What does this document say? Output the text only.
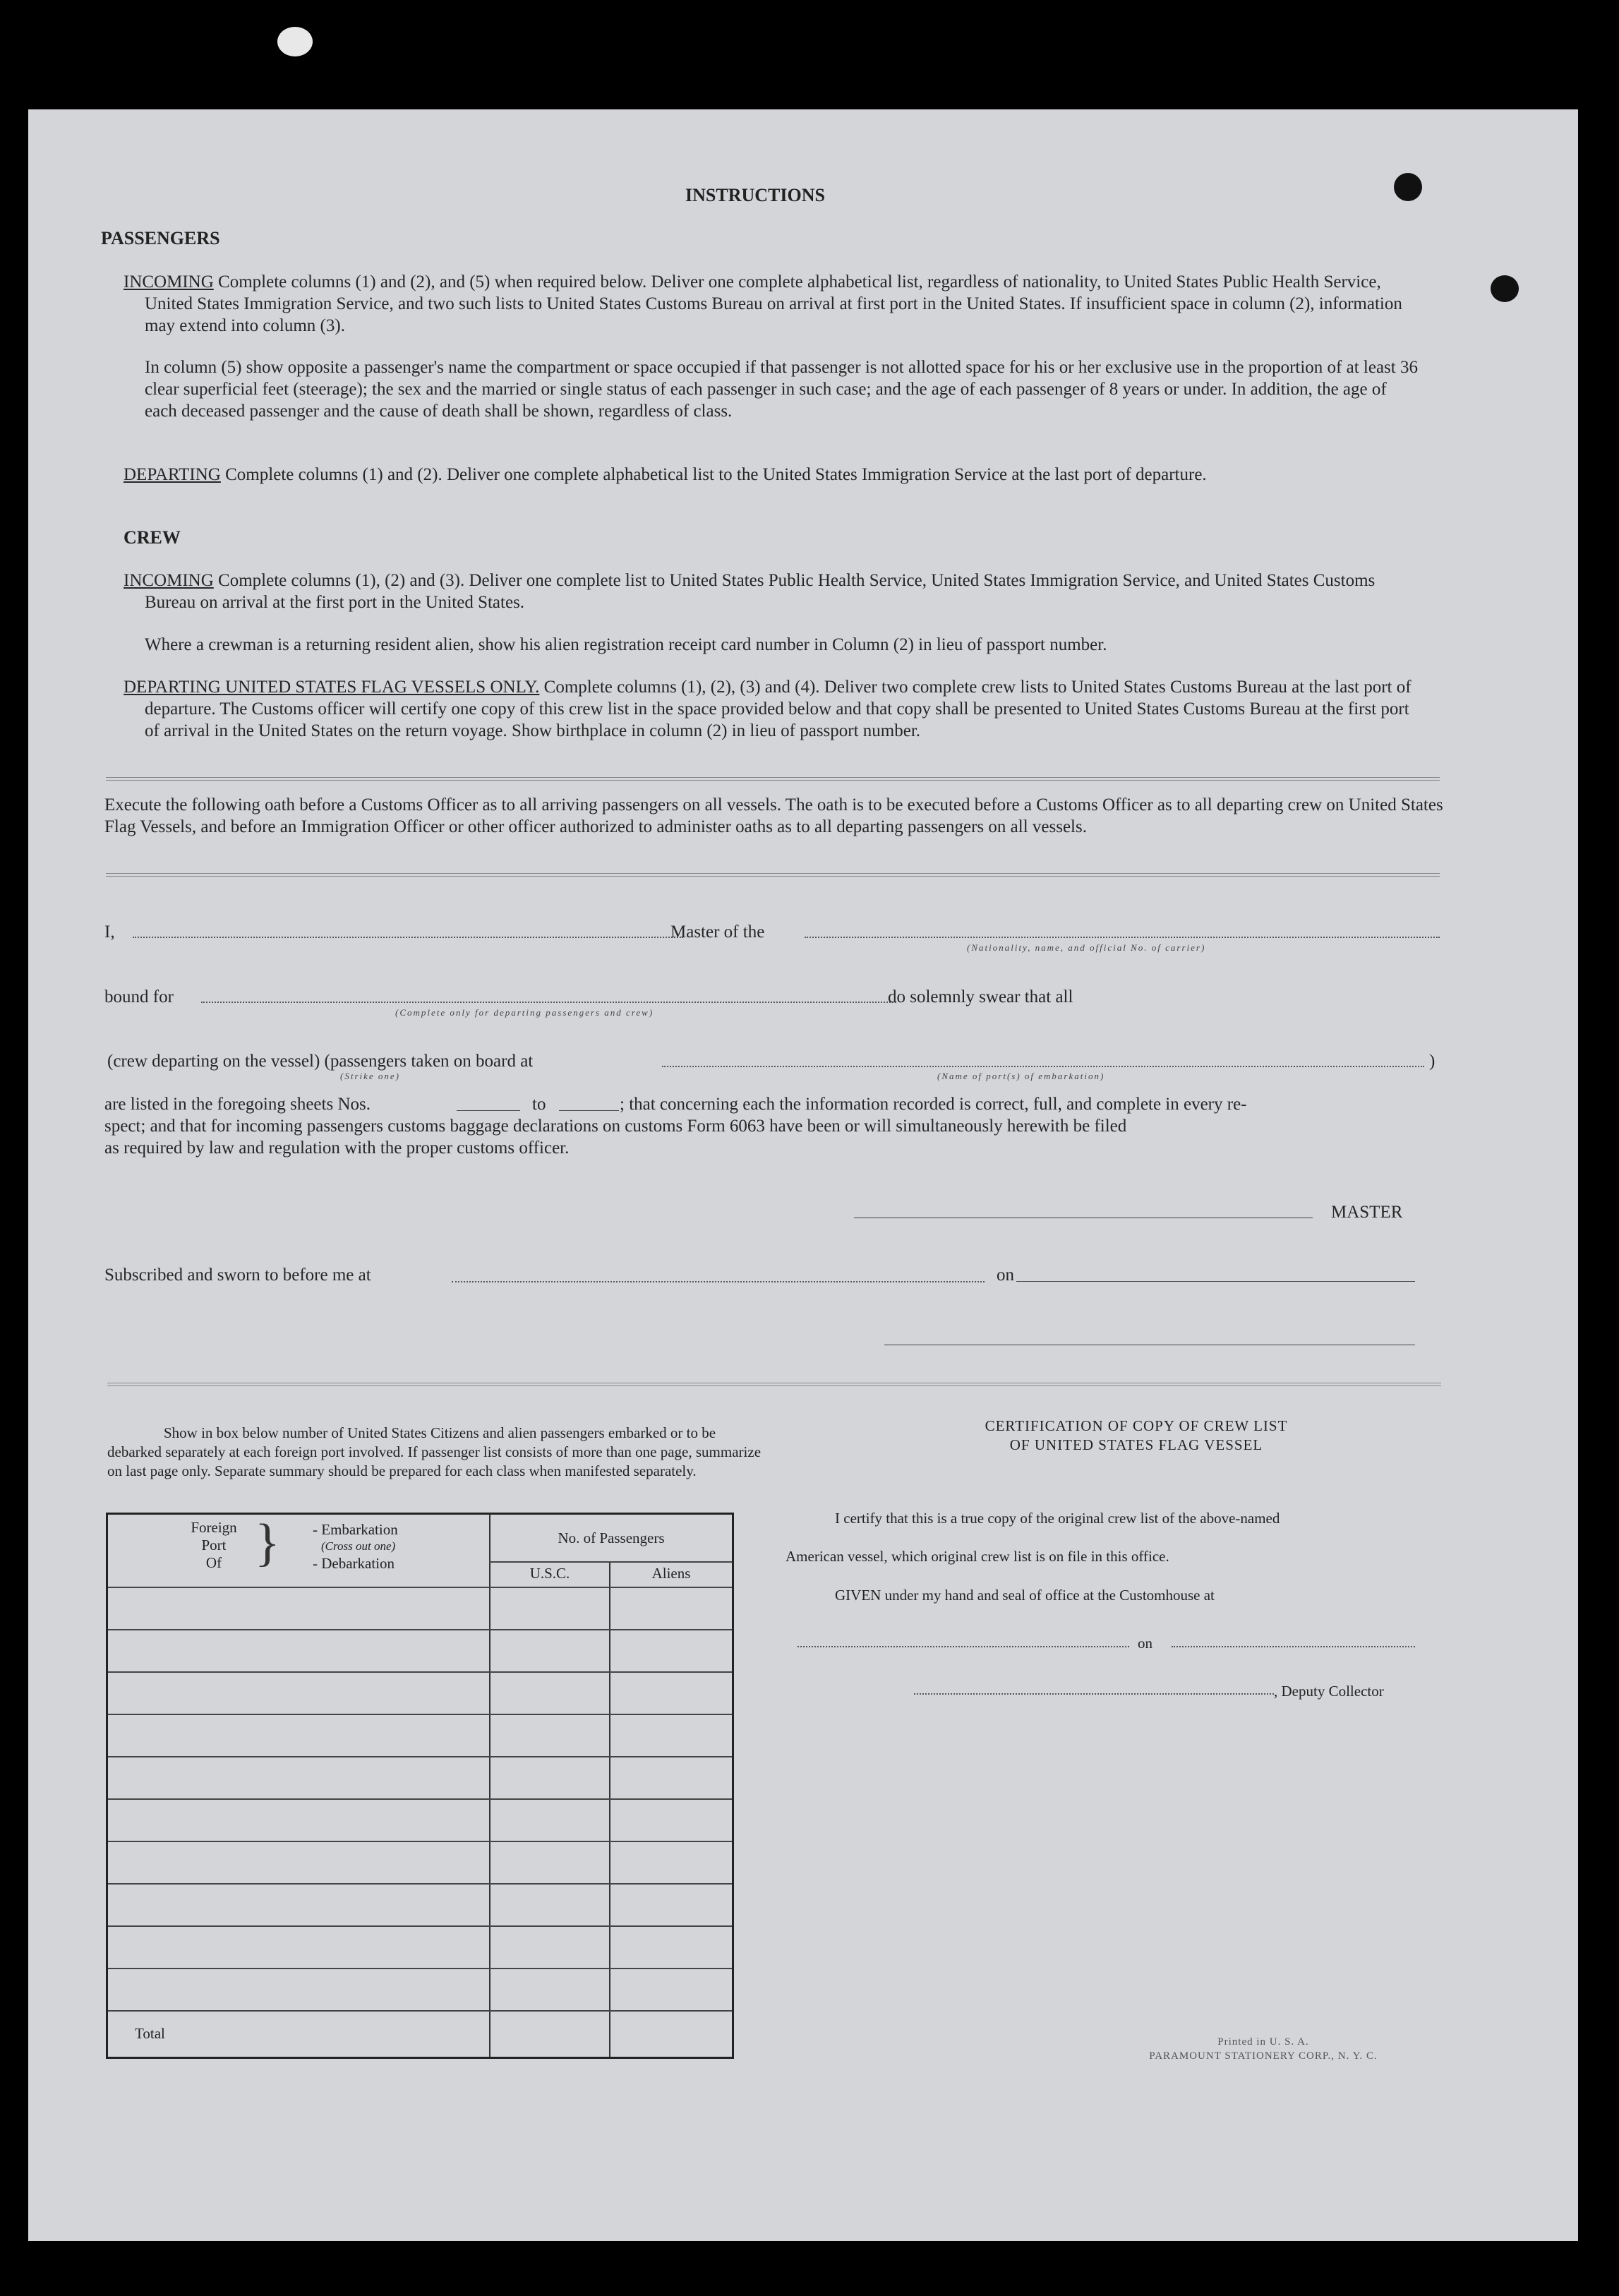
INSTRUCTIONS
PASSENGERS

INCOMING Complete columns (1) and (2), and (5) when required below. Deliver one complete alphabetical list, regardless of nationality, to United States Public Health Service, United States Immigration Service, and two such lists to United States Customs Bureau on arrival at first port in the United States. If insufficient space in column (2), information may extend into column (3).

In column (5) show opposite a passenger's name the compartment or space occupied if that passenger is not allotted space for his or her exclusive use in the proportion of at least 36 clear superficial feet (steerage); the sex and the married or single status of each passenger in such case; and the age of each passenger of 8 years or under. In addition, the age of each deceased passenger and the cause of death shall be shown, regardless of class.

DEPARTING Complete columns (1) and (2). Deliver one complete alphabetical list to the United States Immigration Service at the last port of departure.

CREW

INCOMING Complete columns (1), (2) and (3). Deliver one complete list to United States Public Health Service, United States Immigration Service, and United States Customs Bureau on arrival at the first port in the United States.

Where a crewman is a returning resident alien, show his alien registration receipt card number in Column (2) in lieu of passport number.

DEPARTING UNITED STATES FLAG VESSELS ONLY. Complete columns (1), (2), (3) and (4). Deliver two complete crew lists to United States Customs Bureau at the last port of departure. The Customs officer will certify one copy of this crew list in the space provided below and that copy shall be presented to United States Customs Bureau at the first port of arrival in the United States on the return voyage. Show birthplace in column (2) in lieu of passport number.

Execute the following oath before a Customs Officer as to all arriving passengers on all vessels. The oath is to be executed before a Customs Officer as to all departing crew on United States Flag Vessels, and before an Immigration Officer or other officer authorized to administer oaths as to all departing passengers on all vessels.
I,	Master of the
(Nationality, name, and official No. of carrier)
bound for
(Complete only for departing passengers and crew)
do solemnly swear that all
(crew departing on the vessel) (passengers taken on board at	)
(Strike one)	(Name of port(s) of embarkation)
are listed in the foregoing sheets Nos.	to	; that concerning each the information recorded is correct, full, and complete in every re-
spect; and that for incoming passengers customs baggage declarations on customs Form 6063 have been or will simultaneously herewith be filed
as required by law and regulation with the proper customs officer.
MASTER
Subscribed and sworn to before me at	on
Show in box below number of United States Citizens and alien passengers embarked or to be debarked separately at each foreign port involved. If passenger list consists of more than one page, summarize on last page only. Separate summary should be prepared for each class when manifested separately.
Foreign
Port
Of } - Embarkation
(Cross out one)
- Debarkation
No. of Passengers
U.S.C.	Aliens
Total
CERTIFICATION OF COPY OF CREW LIST
OF UNITED STATES FLAG VESSEL
I certify that this is a true copy of the original crew list of the above-named
American vessel, which original crew list is on file in this office.
GIVEN under my hand and seal of office at the Customhouse at
on
, Deputy Collector
Printed in U. S. A.
PARAMOUNT STATIONERY CORP., N. Y. C.
